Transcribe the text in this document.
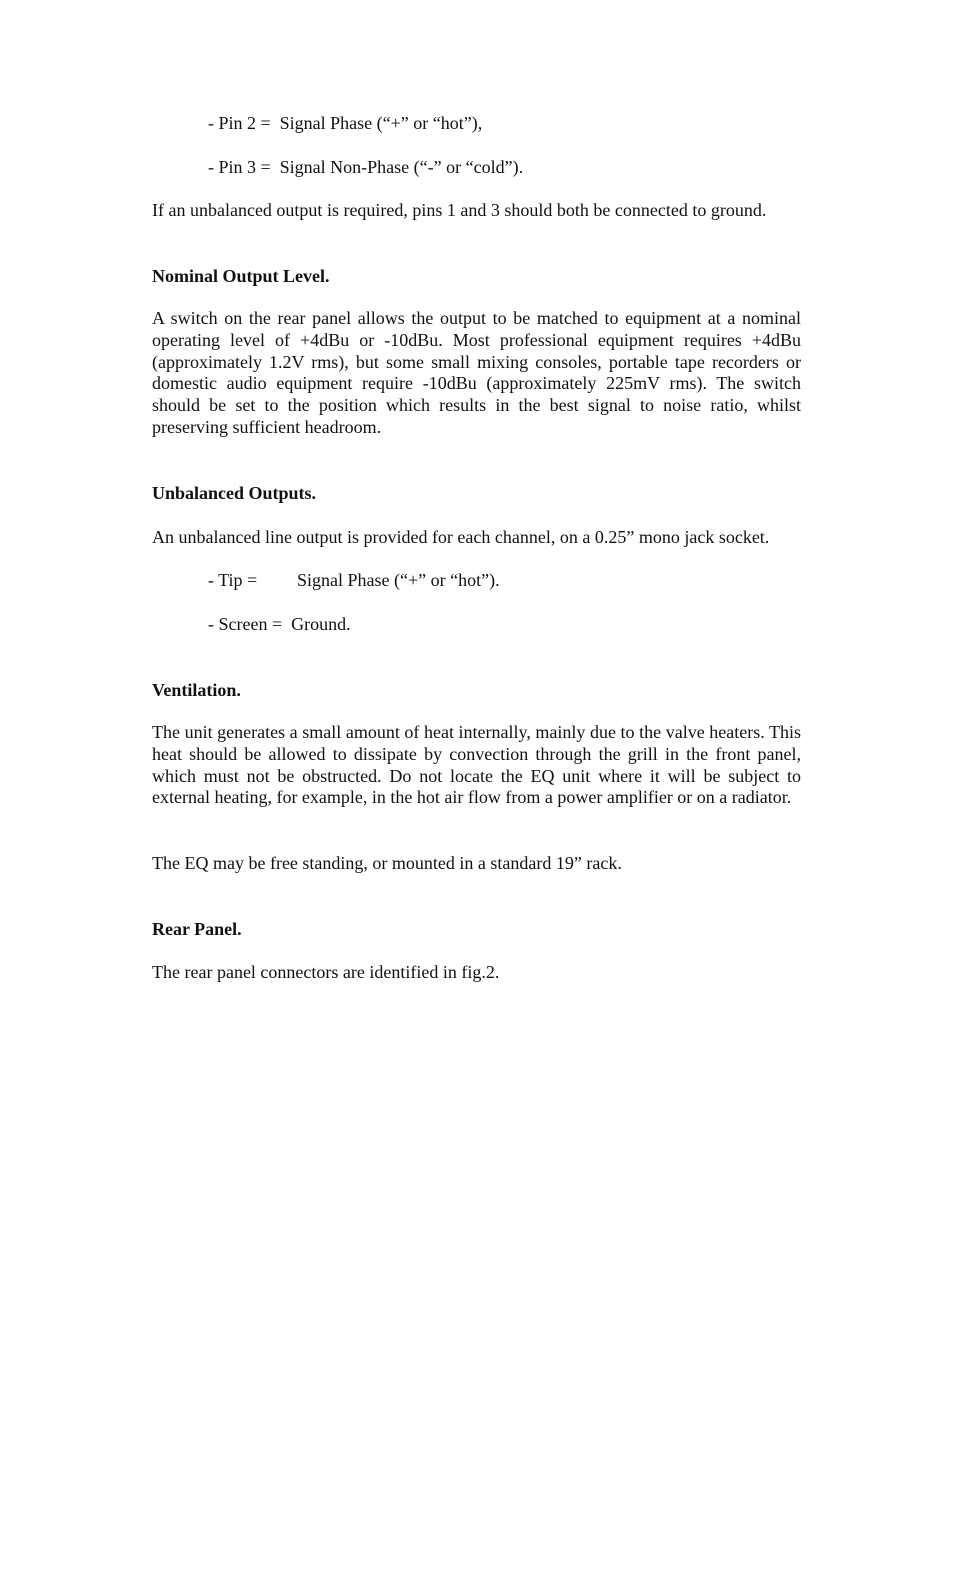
- Pin 2 = Signal Phase (“+” or “hot”),
- Pin 3 = Signal Non-Phase (“-” or “cold”).
If an unbalanced output is required, pins 1 and 3 should both be connected to ground.
Nominal Output Level.
A switch on the rear panel allows the output to be matched to equipment at a nominal operating level of +4dBu or -10dBu. Most professional equipment requires +4dBu (approximately 1.2V rms), but some small mixing consoles, portable tape recorders or domestic audio equipment require -10dBu (approximately 225mV rms). The switch should be set to the position which results in the best signal to noise ratio, whilst preserving sufficient headroom.
Unbalanced Outputs.
An unbalanced line output is provided for each channel, on a 0.25” mono jack socket.
- Tip = Signal Phase (“+” or “hot”).
- Screen = Ground.
Ventilation.
The unit generates a small amount of heat internally, mainly due to the valve heaters. This heat should be allowed to dissipate by convection through the grill in the front panel, which must not be obstructed. Do not locate the EQ unit where it will be subject to external heating, for example, in the hot air flow from a power amplifier or on a radiator.
The EQ may be free standing, or mounted in a standard 19” rack.
Rear Panel.
The rear panel connectors are identified in fig.2.
